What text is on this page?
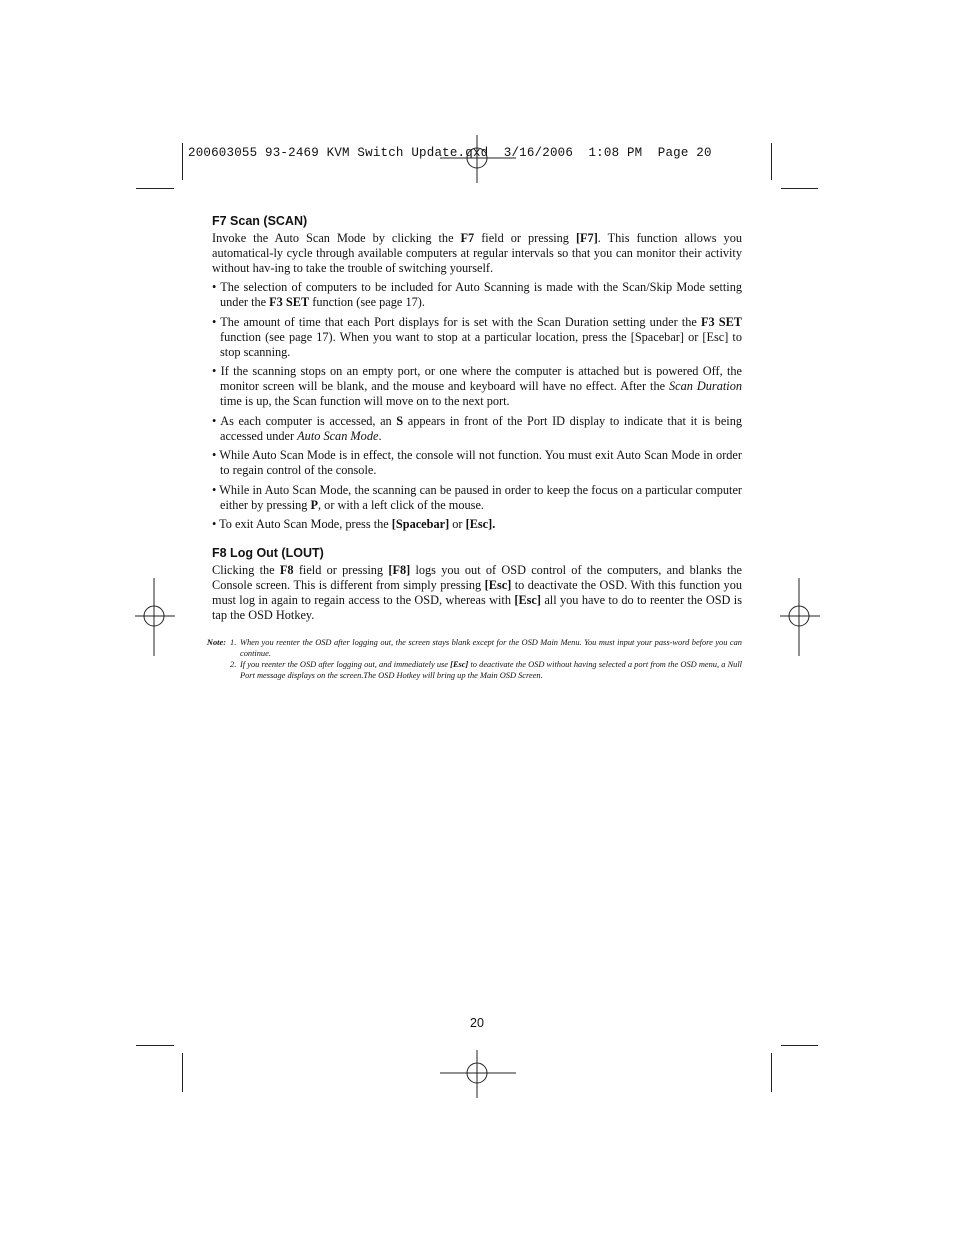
200603055 93-2469 KVM Switch Update.qxd  3/16/2006  1:08 PM  Page 20
F7 Scan (SCAN)

Invoke the Auto Scan Mode by clicking the F7 field or pressing [F7]. This function allows you automatical-ly cycle through available computers at regular intervals so that you can monitor their activity without hav-ing to take the trouble of switching yourself.

• The selection of computers to be included for Auto Scanning is made with the Scan/Skip Mode setting under the F3 SET function (see page 17).
• The amount of time that each Port displays for is set with the Scan Duration setting under the F3 SET function (see page 17). When you want to stop at a particular location, press the [Spacebar] or [Esc] to stop scanning.
• If the scanning stops on an empty port, or one where the computer is attached but is powered Off, the monitor screen will be blank, and the mouse and keyboard will have no effect. After the Scan Duration time is up, the Scan function will move on to the next port.
• As each computer is accessed, an S appears in front of the Port ID display to indicate that it is being accessed under Auto Scan Mode.
• While Auto Scan Mode is in effect, the console will not function. You must exit Auto Scan Mode in order to regain control of the console.
• While in Auto Scan Mode, the scanning can be paused in order to keep the focus on a particular computer either by pressing P, or with a left click of the mouse.
• To exit Auto Scan Mode, press the [Spacebar] or [Esc].
F8 Log Out (LOUT)

Clicking the F8 field or pressing [F8] logs you out of OSD control of the computers, and blanks the Console screen. This is different from simply pressing [Esc] to deactivate the OSD. With this function you must log in again to regain access to the OSD, whereas with [Esc] all you have to do to reenter the OSD is tap the OSD Hotkey.

Note: 1. When you reenter the OSD after logging out, the screen stays blank except for the OSD Main Menu. You must input your pass-word before you can continue.
2. If you reenter the OSD after logging out, and immediately use [Esc] to deactivate the OSD without having selected a port from the OSD menu, a Null Port message displays on the screen.The OSD Hotkey will bring up the Main OSD Screen.
20
